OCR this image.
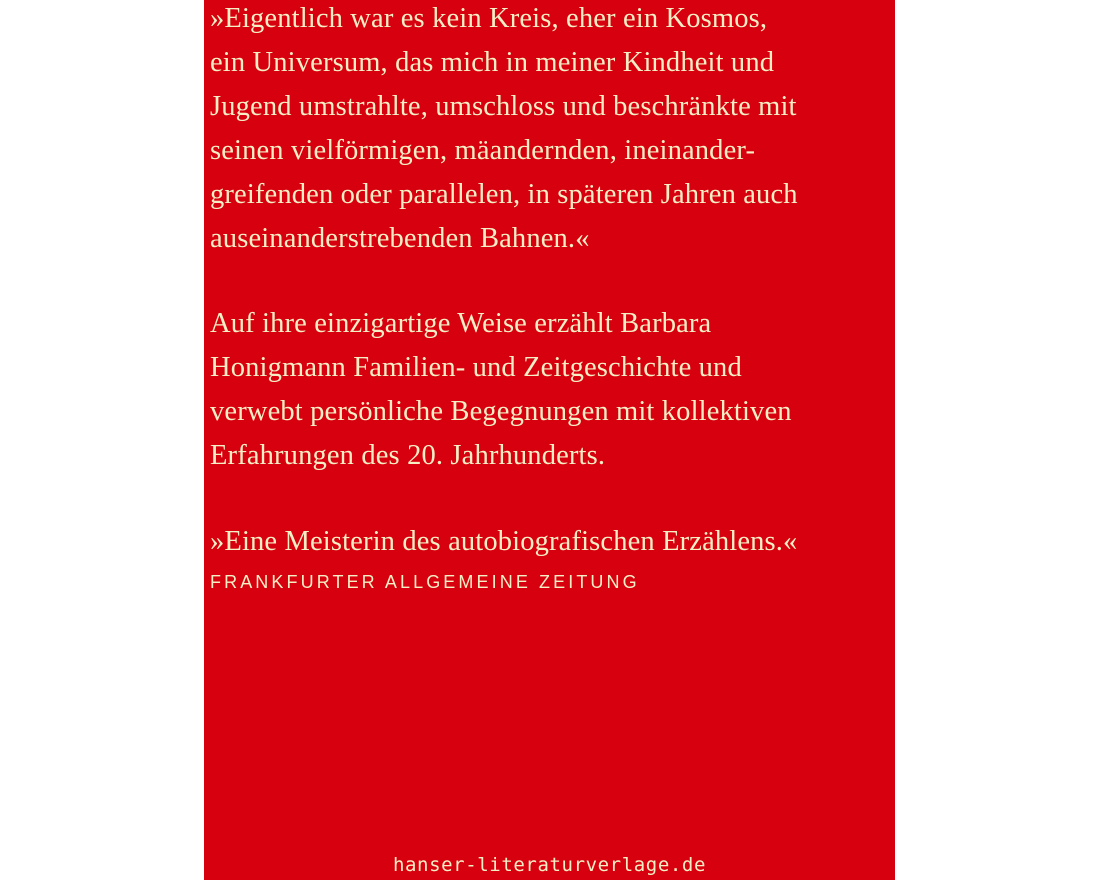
»Eigentlich war es kein Kreis, eher ein Kosmos,
ein Universum, das mich in meiner Kindheit und
Jugend umstrahlte, umschloss und beschränkte mit
seinen vielförmigen, mäandernden, ineinander-
greifenden oder parallelen, in späteren Jahren auch
auseinanderstrebenden Bahnen.«
Auf ihre einzigartige Weise erzählt Barbara
Honigmann Familien- und Zeitgeschichte und
verwebt persönliche Begegnungen mit kollektiven
Erfahrungen des 20. Jahrhunderts.
»Eine Meisterin des autobiografischen Erzählens.«
FRANKFURTER ALLGEMEINE ZEITUNG
hanser-literaturverlage.de
